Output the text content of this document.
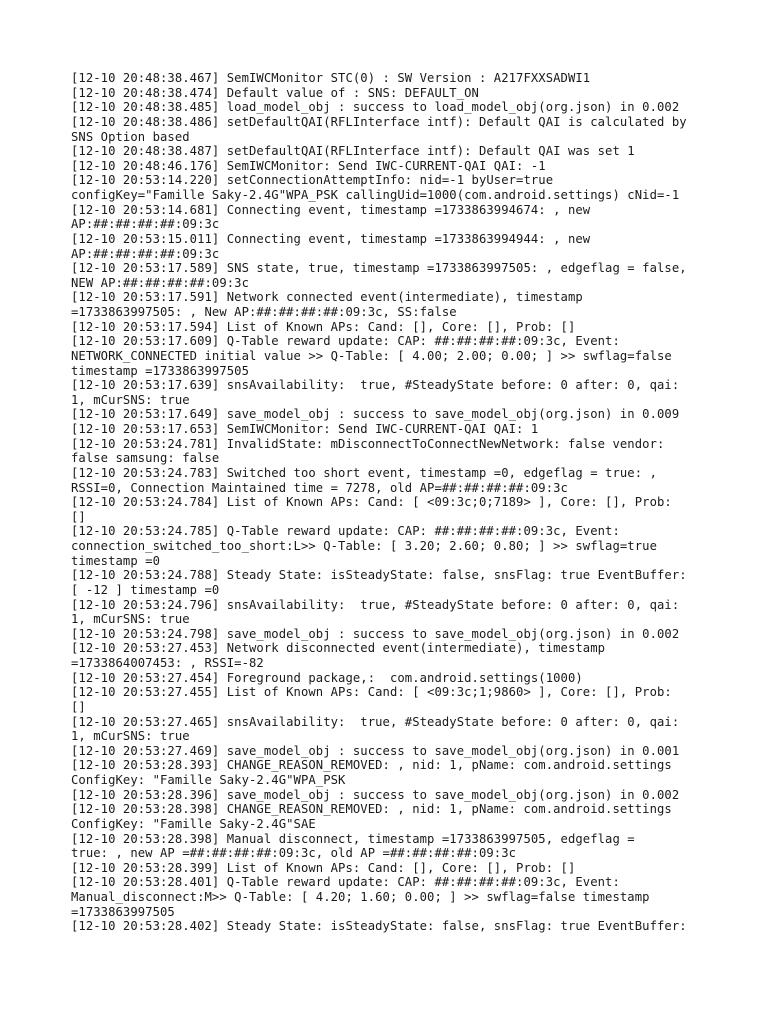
[12-10 20:48:38.467] SemIWCMonitor STC(0) : SW Version : A217FXXSADWI1
[12-10 20:48:38.474] Default value of : SNS: DEFAULT_ON
[12-10 20:48:38.485] load_model_obj : success to load_model_obj(org.json) in 0.002
[12-10 20:48:38.486] setDefaultQAI(RFLInterface intf): Default QAI is calculated by
SNS Option based
[12-10 20:48:38.487] setDefaultQAI(RFLInterface intf): Default QAI was set 1
[12-10 20:48:46.176] SemIWCMonitor: Send IWC-CURRENT-QAI QAI: -1
[12-10 20:53:14.220] setConnectionAttemptInfo: nid=-1 byUser=true
configKey="Famille Saky-2.4G"WPA_PSK callingUid=1000(com.android.settings) cNid=-1
[12-10 20:53:14.681] Connecting event, timestamp =1733863994674: , new
AP:##:##:##:##:09:3c
[12-10 20:53:15.011] Connecting event, timestamp =1733863994944: , new
AP:##:##:##:##:09:3c
[12-10 20:53:17.589] SNS state, true, timestamp =1733863997505: , edgeflag = false,
NEW AP:##:##:##:##:09:3c
[12-10 20:53:17.591] Network connected event(intermediate), timestamp
=1733863997505: , New AP:##:##:##:##:09:3c, SS:false
[12-10 20:53:17.594] List of Known APs: Cand: [], Core: [], Prob: []
[12-10 20:53:17.609] Q-Table reward update: CAP: ##:##:##:##:09:3c, Event:
NETWORK_CONNECTED initial value >> Q-Table: [ 4.00; 2.00; 0.00; ] >> swflag=false
timestamp =1733863997505
[12-10 20:53:17.639] snsAvailability:  true, #SteadyState before: 0 after: 0, qai:
1, mCurSNS: true
[12-10 20:53:17.649] save_model_obj : success to save_model_obj(org.json) in 0.009
[12-10 20:53:17.653] SemIWCMonitor: Send IWC-CURRENT-QAI QAI: 1
[12-10 20:53:24.781] InvalidState: mDisconnectToConnectNewNetwork: false vendor:
false samsung: false
[12-10 20:53:24.783] Switched too short event, timestamp =0, edgeflag = true: ,
RSSI=0, Connection Maintained time = 7278, old AP=##:##:##:##:09:3c
[12-10 20:53:24.784] List of Known APs: Cand: [ <09:3c;0;7189> ], Core: [], Prob:
[]
[12-10 20:53:24.785] Q-Table reward update: CAP: ##:##:##:##:09:3c, Event:
connection_switched_too_short:L>> Q-Table: [ 3.20; 2.60; 0.80; ] >> swflag=true
timestamp =0
[12-10 20:53:24.788] Steady State: isSteadyState: false, snsFlag: true EventBuffer:
[ -12 ] timestamp =0
[12-10 20:53:24.796] snsAvailability:  true, #SteadyState before: 0 after: 0, qai:
1, mCurSNS: true
[12-10 20:53:24.798] save_model_obj : success to save_model_obj(org.json) in 0.002
[12-10 20:53:27.453] Network disconnected event(intermediate), timestamp
=1733864007453: , RSSI=-82
[12-10 20:53:27.454] Foreground package,:  com.android.settings(1000)
[12-10 20:53:27.455] List of Known APs: Cand: [ <09:3c;1;9860> ], Core: [], Prob:
[]
[12-10 20:53:27.465] snsAvailability:  true, #SteadyState before: 0 after: 0, qai:
1, mCurSNS: true
[12-10 20:53:27.469] save_model_obj : success to save_model_obj(org.json) in 0.001
[12-10 20:53:28.393] CHANGE_REASON_REMOVED: , nid: 1, pName: com.android.settings
ConfigKey: "Famille Saky-2.4G"WPA_PSK
[12-10 20:53:28.396] save_model_obj : success to save_model_obj(org.json) in 0.002
[12-10 20:53:28.398] CHANGE_REASON_REMOVED: , nid: 1, pName: com.android.settings
ConfigKey: "Famille Saky-2.4G"SAE
[12-10 20:53:28.398] Manual disconnect, timestamp =1733863997505, edgeflag =
true: , new AP =##:##:##:##:09:3c, old AP =##:##:##:##:09:3c
[12-10 20:53:28.399] List of Known APs: Cand: [], Core: [], Prob: []
[12-10 20:53:28.401] Q-Table reward update: CAP: ##:##:##:##:09:3c, Event:
Manual_disconnect:M>> Q-Table: [ 4.20; 1.60; 0.00; ] >> swflag=false timestamp
=1733863997505
[12-10 20:53:28.402] Steady State: isSteadyState: false, snsFlag: true EventBuffer:
